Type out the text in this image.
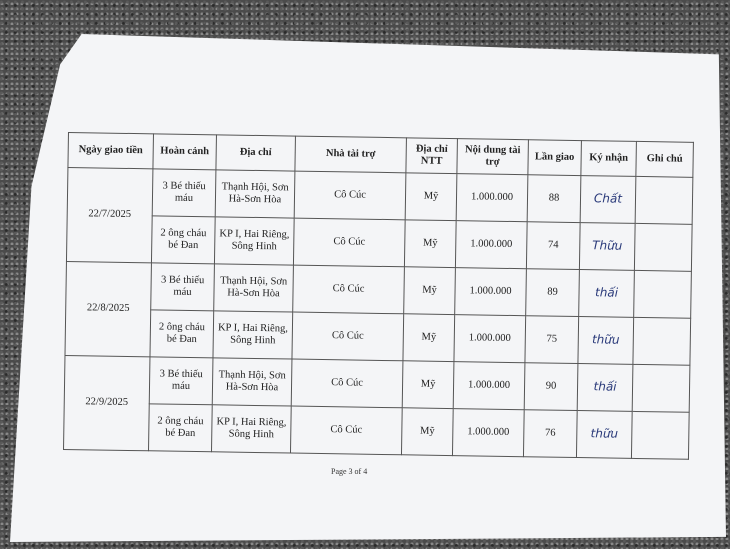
Ngày giao tiền	Hoàn cảnh	Địa chỉ	Nhà tài trợ	Địa chỉ NTT	Nội dung tài trợ	Lần giao	Ký nhận	Ghi chú
22/7/2025	3 Bé thiếu máu	Thạnh Hội, Sơn Hà-Sơn Hòa	Cô Cúc	Mỹ	1.000.000	88	Chất	
	2 ông cháu bé Đan	KP I, Hai Riêng, Sông Hinh	Cô Cúc	Mỹ	1.000.000	74	Thữu	
22/8/2025	3 Bé thiếu máu	Thạnh Hội, Sơn Hà-Sơn Hòa	Cô Cúc	Mỹ	1.000.000	89	thấi	
	2 ông cháu bé Đan	KP I, Hai Riêng, Sông Hinh	Cô Cúc	Mỹ	1.000.000	75	thữu	
22/9/2025	3 Bé thiếu máu	Thạnh Hội, Sơn Hà-Sơn Hòa	Cô Cúc	Mỹ	1.000.000	90	thấi	
	2 ông cháu bé Đan	KP I, Hai Riêng, Sông Hinh	Cô Cúc	Mỹ	1.000.000	76	thữu	
Page 3 of 4
